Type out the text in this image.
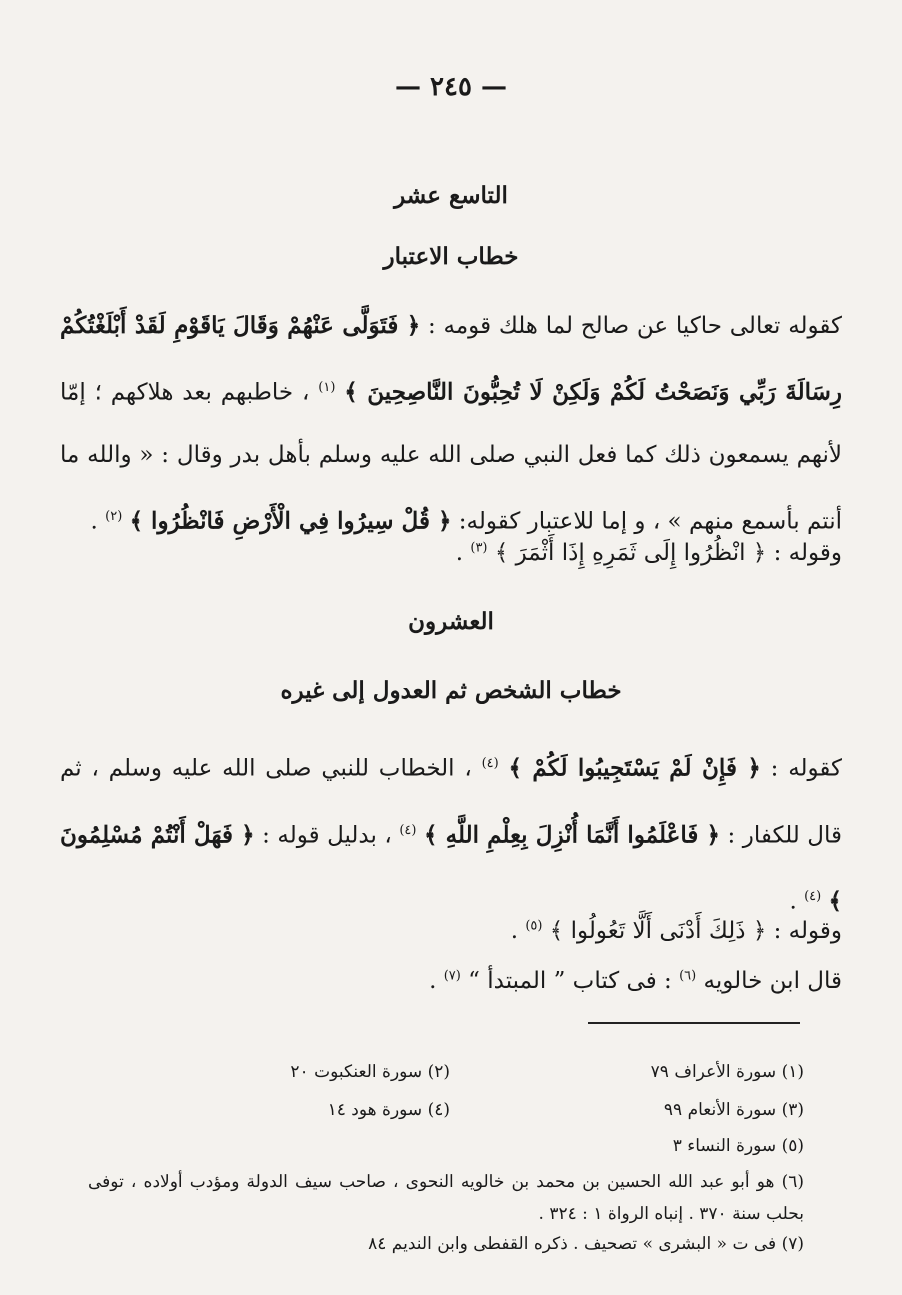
— ٢٤٥ —
التاسع عشر
خطاب الاعتبار
كقوله تعالى حاكيا عن صالح لما هلك قومه : ﴿ فَتَوَلَّى عَنْهُمْ وَقَالَ يَاقَوْمِ لَقَدْ أَبْلَغْتُكُمْ رِسَالَةَ رَبِّي وَنَصَحْتُ لَكُمْ وَلَكِنْ لَا تُحِبُّونَ النَّاصِحِينَ ﴾ $^{(١)}$ ، خاطبهم بعد هلاكهم ؛ إمّا لأنهم يسمعون ذلك كما فعل النبي صلى الله عليه وسلم بأهل بدر وقال : « والله ما أنتم بأسمع منهم » ، و إما للاعتبار كقوله: ﴿ قُلْ سِيرُوا فِي الْأَرْضِ فَانْظُرُوا ﴾ $^{(٢)}$ .
وقوله : ﴿ انْظُرُوا إِلَى ثَمَرِهِ إِذَا أَثْمَرَ ﴾ $^{(٣)}$ .
العشرون
خطاب الشخص ثم العدول إلى غيره
كقوله : ﴿ فَإِنْ لَمْ يَسْتَجِيبُوا لَكُمْ ﴾ $^{(٤)}$ ، الخطاب للنبي صلى الله عليه وسلم ، ثم قال للكفار : ﴿ فَاعْلَمُوا أَنَّمَا أُنْزِلَ بِعِلْمِ اللَّهِ ﴾ $^{(٤)}$ ، بدليل قوله : ﴿ فَهَلْ أَنْتُمْ مُسْلِمُونَ ﴾ $^{(٤)}$ .
وقوله : ﴿ ذَلِكَ أَدْنَى أَلَّا تَعُولُوا ﴾ $^{(٥)}$ .
قال ابن خالويه $^{(٦)}$ : فى كتاب ” المبتدأ “ $^{(٧)}$ .
(١) سورة الأعراف ٧٩
(٢) سورة العنكبوت ٢٠
(٣) سورة الأنعام ٩٩
(٤) سورة هود ١٤
(٥) سورة النساء ٣
(٦) هو أبو عبد الله الحسين بن محمد بن خالويه النحوى ، صاحب سيف الدولة ومؤدب أولاده ، توفى بحلب سنة ٣٧٠ . إنباه الرواة ١ : ٣٢٤ .
(٧) فى ت « البشرى » تصحيف . ذكره القفطى وابن النديم ٨٤
